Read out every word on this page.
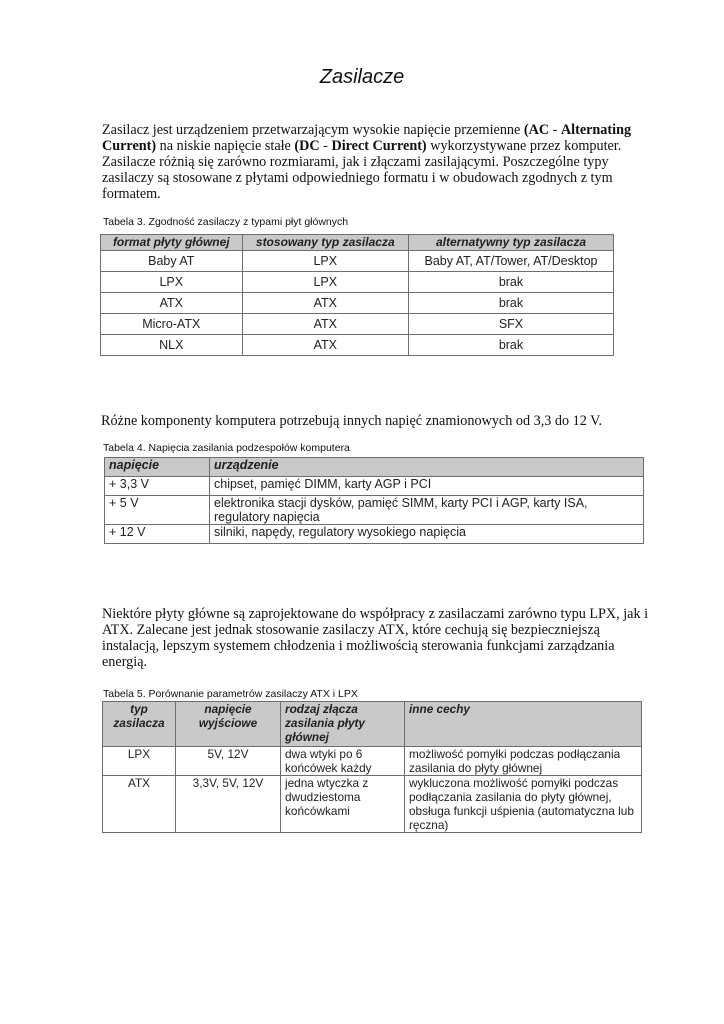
Zasilacze

Zasilacz jest urządzeniem przetwarzającym wysokie napięcie przemienne (AC - Alternating Current) na niskie napięcie stałe (DC - Direct Current) wykorzystywane przez komputer. Zasilacze różnią się zarówno rozmiarami, jak i złączami zasilającymi. Poszczególne typy zasilaczy są stosowane z płytami odpowiedniego formatu i w obudowach zgodnych z tym formatem.

Tabela 3. Zgodność zasilaczy z typami płyt głównych
format płyty głównej	stosowany typ zasilacza	alternatywny typ zasilacza
Baby AT	LPX	Baby AT, AT/Tower, AT/Desktop
LPX	LPX	brak
ATX	ATX	brak
Micro-ATX	ATX	SFX
NLX	ATX	brak

Różne komponenty komputera potrzebują innych napięć znamionowych od 3,3 do 12 V.

Tabela 4. Napięcia zasilania podzespołów komputera
napięcie	urządzenie
+ 3,3 V	chipset, pamięć DIMM, karty AGP i PCI
+ 5 V	elektronika stacji dysków, pamięć SIMM, karty PCI i AGP, karty ISA, regulatory napięcia
+ 12 V	silniki, napędy, regulatory wysokiego napięcia

Niektóre płyty główne są zaprojektowane do współpracy z zasilaczami zarówno typu LPX, jak i ATX. Zalecane jest jednak stosowanie zasilaczy ATX, które cechują się bezpieczniejszą instalacją, lepszym systemem chłodzenia i możliwością sterowania funkcjami zarządzania energią.

Tabela 5. Porównanie parametrów zasilaczy ATX i LPX
typ zasilacza	napięcie wyjściowe	rodzaj złącza zasilania płyty głównej	inne cechy
LPX	5V, 12V	dwa wtyki po 6 końcówek każdy	możliwość pomyłki podczas podłączania zasilania do płyty głównej
ATX	3,3V, 5V, 12V	jedna wtyczka z dwudziestoma końcówkami	wykluczona możliwość pomyłki podczas podłączania zasilania do płyty głównej, obsługa funkcji uśpienia (automatyczna lub ręczna)
